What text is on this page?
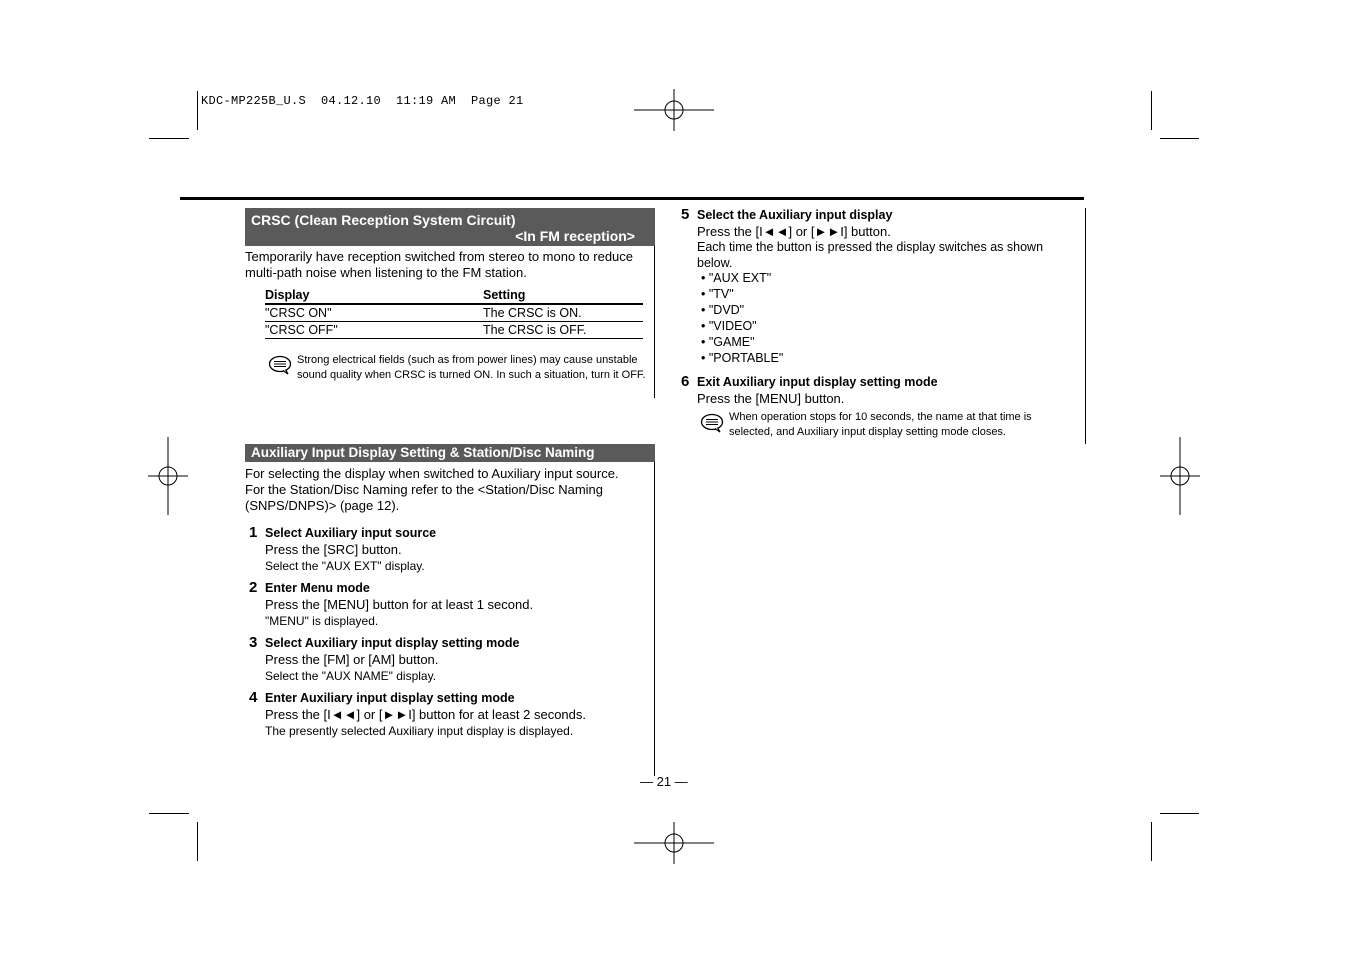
KDC-MP225B_U.S  04.12.10  11:19 AM  Page 21
CRSC (Clean Reception System Circuit)
<In FM reception>
Temporarily have reception switched from stereo to mono to reduce multi-path noise when listening to the FM station.
Display	Setting
"CRSC ON"	The CRSC is ON.
"CRSC OFF"	The CRSC is OFF.
Strong electrical fields (such as from power lines) may cause unstable sound quality when CRSC is turned ON. In such a situation, turn it OFF.
Auxiliary Input Display Setting & Station/Disc Naming
For selecting the display when switched to Auxiliary input source. For the Station/Disc Naming refer to the <Station/Disc Naming (SNPS/DNPS)> (page 12).
1 Select Auxiliary input source
Press the [SRC] button.
Select the "AUX EXT" display.
2 Enter Menu mode
Press the [MENU] button for at least 1 second.
"MENU" is displayed.
3 Select Auxiliary input display setting mode
Press the [FM] or [AM] button.
Select the "AUX NAME" display.
4 Enter Auxiliary input display setting mode
Press the [I◄◄] or [►►I] button for at least 2 seconds.
The presently selected Auxiliary input display is displayed.
5 Select the Auxiliary input display
Press the [I◄◄] or [►►I] button.
Each time the button is pressed the display switches as shown below.
• "AUX EXT"
• "TV"
• "DVD"
• "VIDEO"
• "GAME"
• "PORTABLE"
6 Exit Auxiliary input display setting mode
Press the [MENU] button.
When operation stops for 10 seconds, the name at that time is selected, and Auxiliary input display setting mode closes.
— 21 —
